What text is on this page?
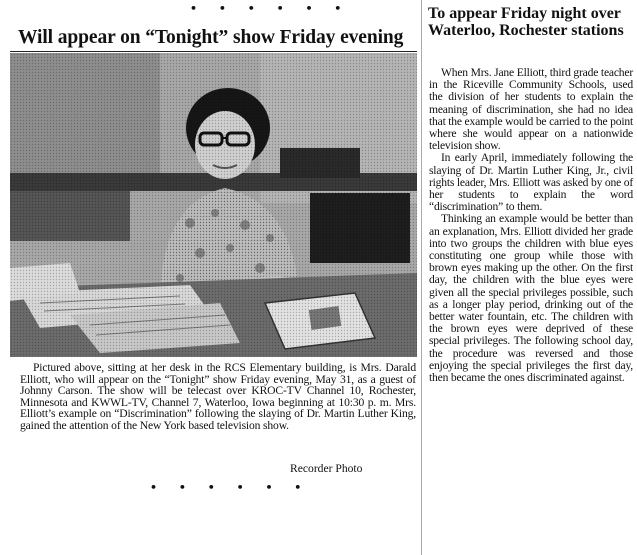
• • • • • •
Will appear on “Tonight” show Friday evening

Pictured above, sitting at her desk in the RCS Elementary building, is Mrs. Darald Elliott, who will appear on the “Tonight” show Friday evening, May 31, as a guest of Johnny Carson. The show will be telecast over KROC-TV Channel 10, Rochester, Minnesota and KWWL-TV, Channel 7, Waterloo, Iowa beginning at 10:30 p. m. Mrs. Elliott’s example on “Discrimination” following the slaying of Dr. Martin Luther King, gained the attention of the New York based television show.

Recorder Photo
• • • • • •
To appear Friday night over Waterloo, Rochester stations

When Mrs. Jane Elliott, third grade teacher in the Riceville Community Schools, used the division of her students to explain the meaning of discrimination, she had no idea that the example would be carried to the point where she would appear on a nationwide television show.

In early April, immediately following the slaying of Dr. Martin Luther King, Jr., civil rights leader, Mrs. Elliott was asked by one of her students to explain the word “discrimination” to them.

Thinking an example would be better than an explanation, Mrs. Elliott divided her grade into two groups the children with blue eyes constituting one group while those with brown eyes making up the other. On the first day, the children with the blue eyes were given all the special privileges possible, such as a longer play period, drinking out of the better water fountain, etc. The children with the brown eyes were deprived of these special privileges. The following school day, the procedure was reversed and those enjoying the special privileges the first day, then became the ones discriminated against.
